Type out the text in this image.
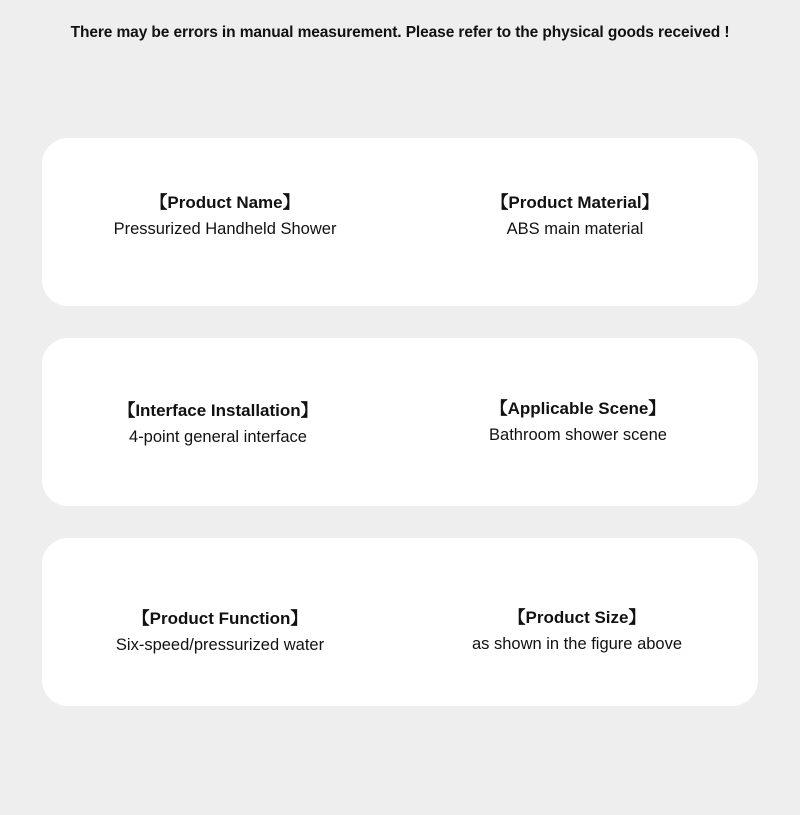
There may be errors in manual measurement. Please refer to the physical goods received !
【Product Name】
Pressurized Handheld Shower
【Product Material】
ABS main material
【Interface Installation】
4-point general interface
【Applicable Scene】
Bathroom shower scene
【Product Function】
Six-speed/pressurized water
【Product Size】
as shown in the figure above
